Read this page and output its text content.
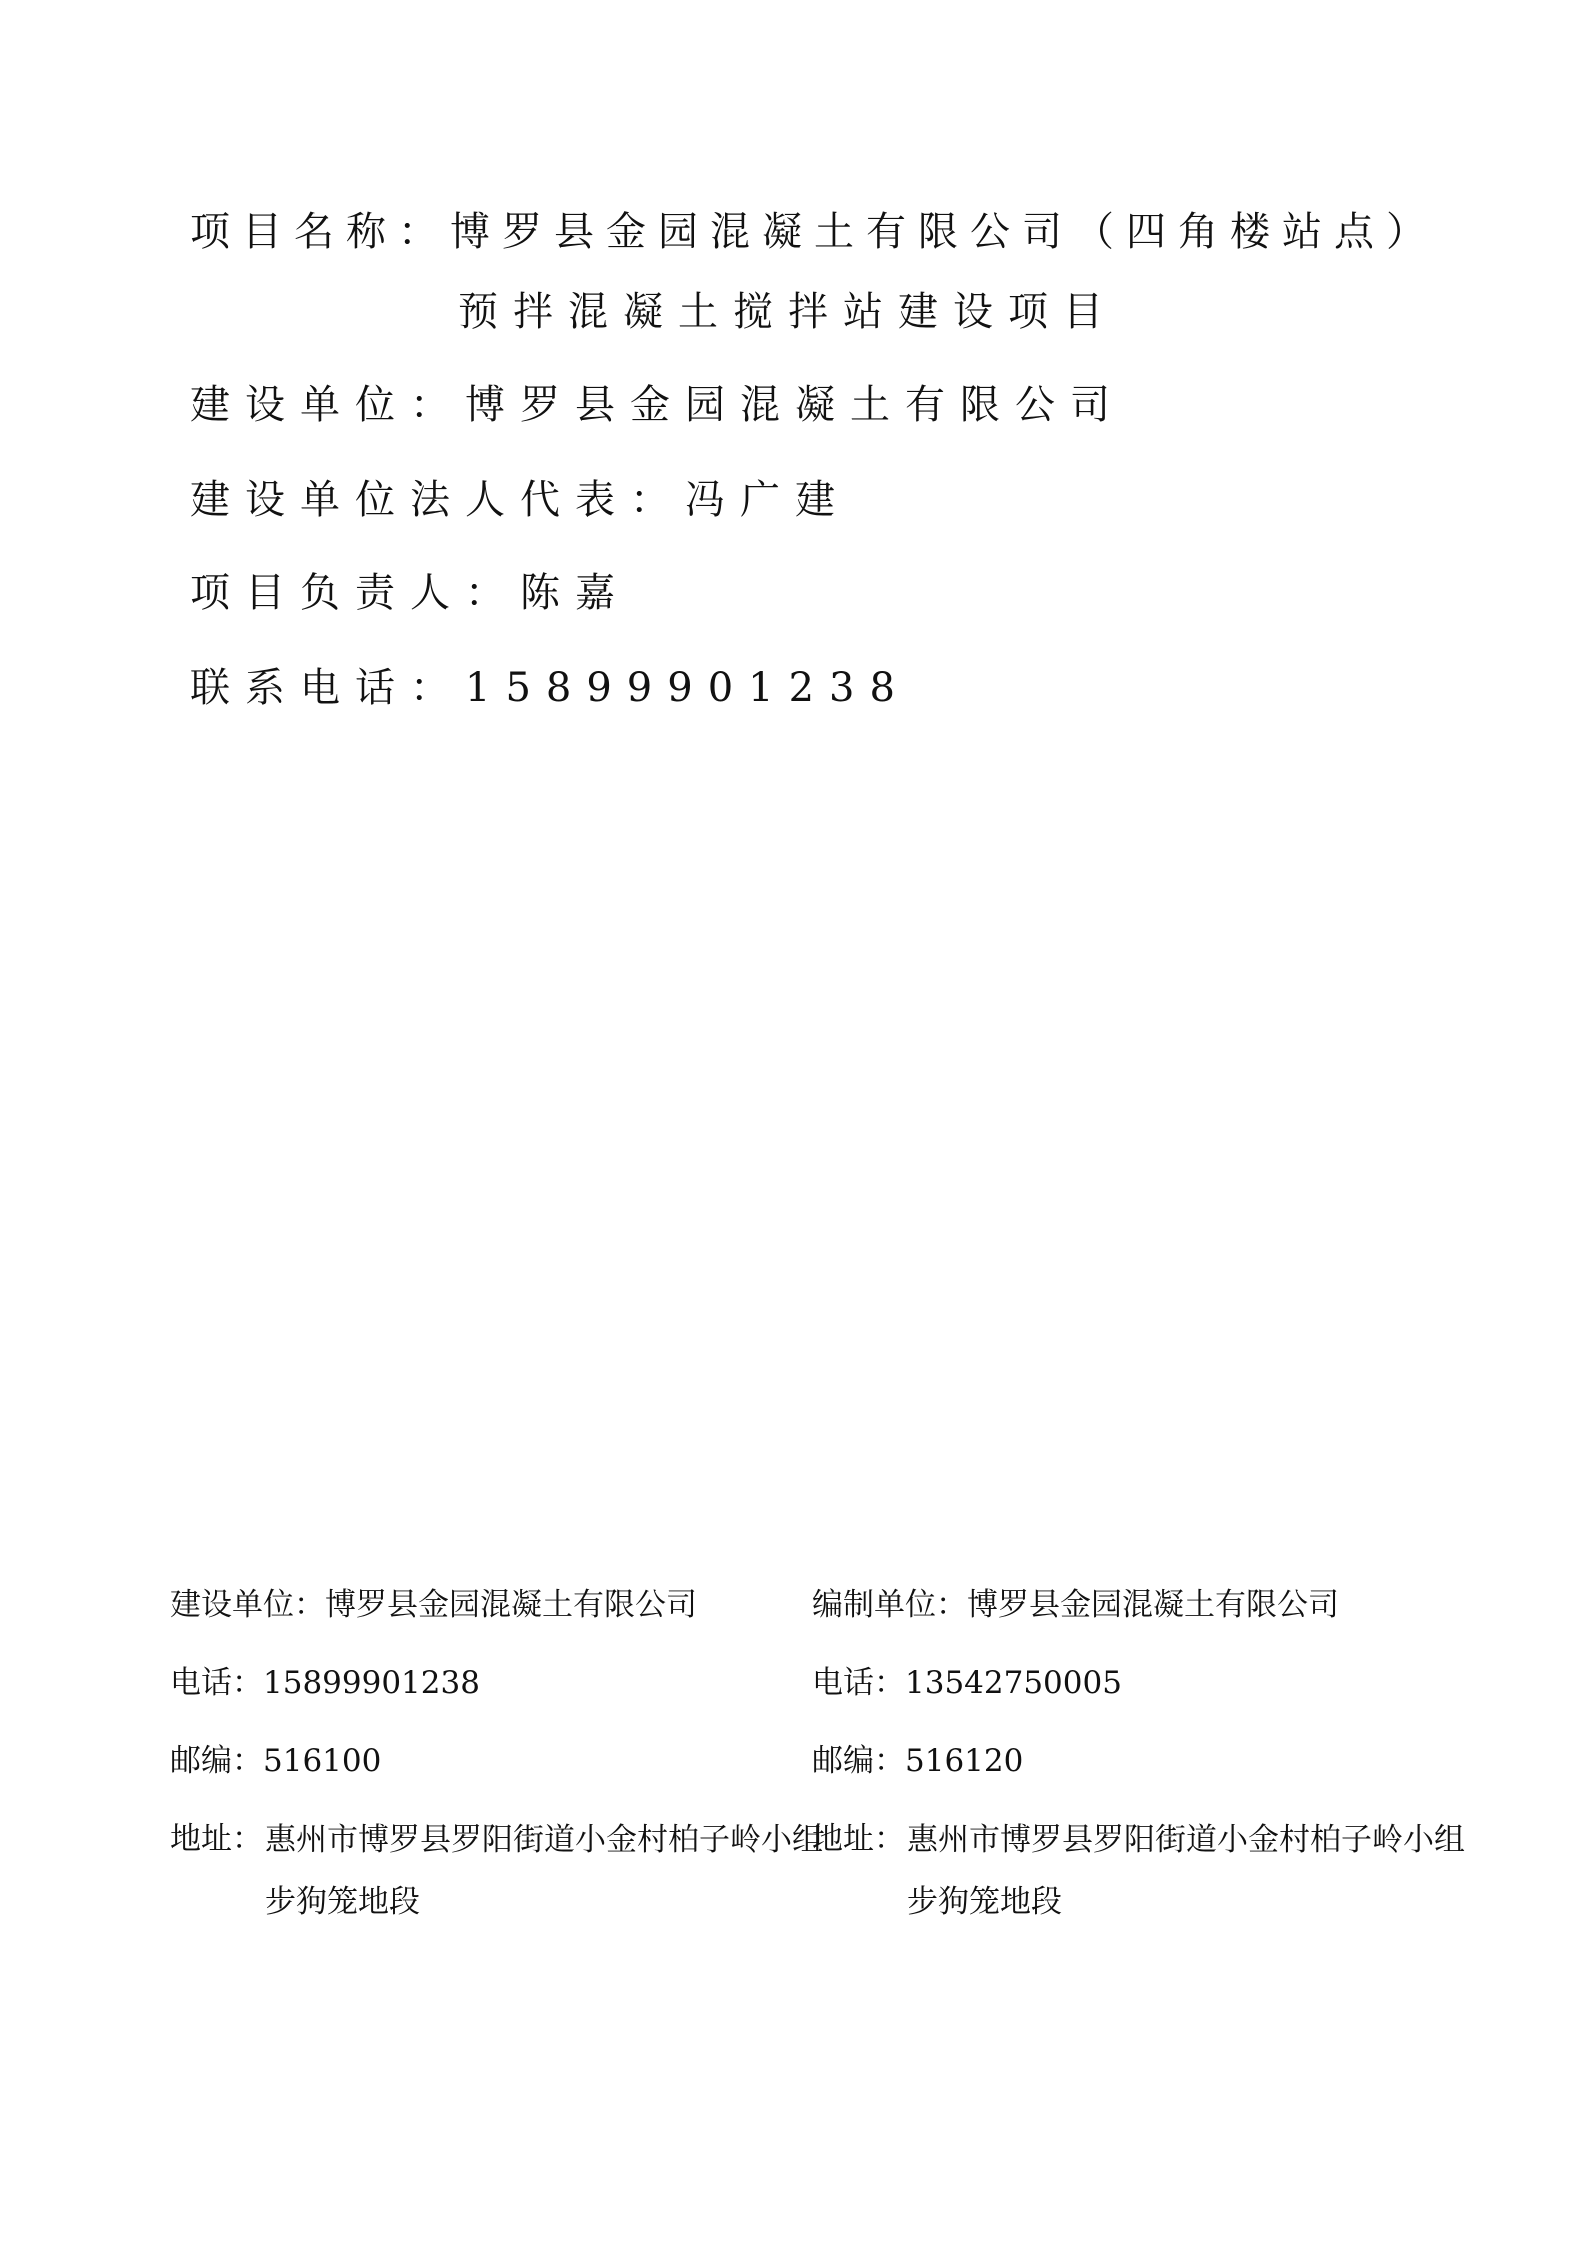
项目名称：博罗县金园混凝土有限公司（四角楼站点）
预拌混凝土搅拌站建设项目
建设单位：博罗县金园混凝土有限公司
建设单位法人代表：冯广建
项目负责人：陈嘉
联系电话：15899901238
建设单位：博罗县金园混凝土有限公司
电话：15899901238
邮编：516100
地址： 惠州市博罗县罗阳街道小金村柏子岭小组步狗笼地段
编制单位：博罗县金园混凝土有限公司
电话：13542750005
邮编：516120
地址： 惠州市博罗县罗阳街道小金村柏子岭小组步狗笼地段
